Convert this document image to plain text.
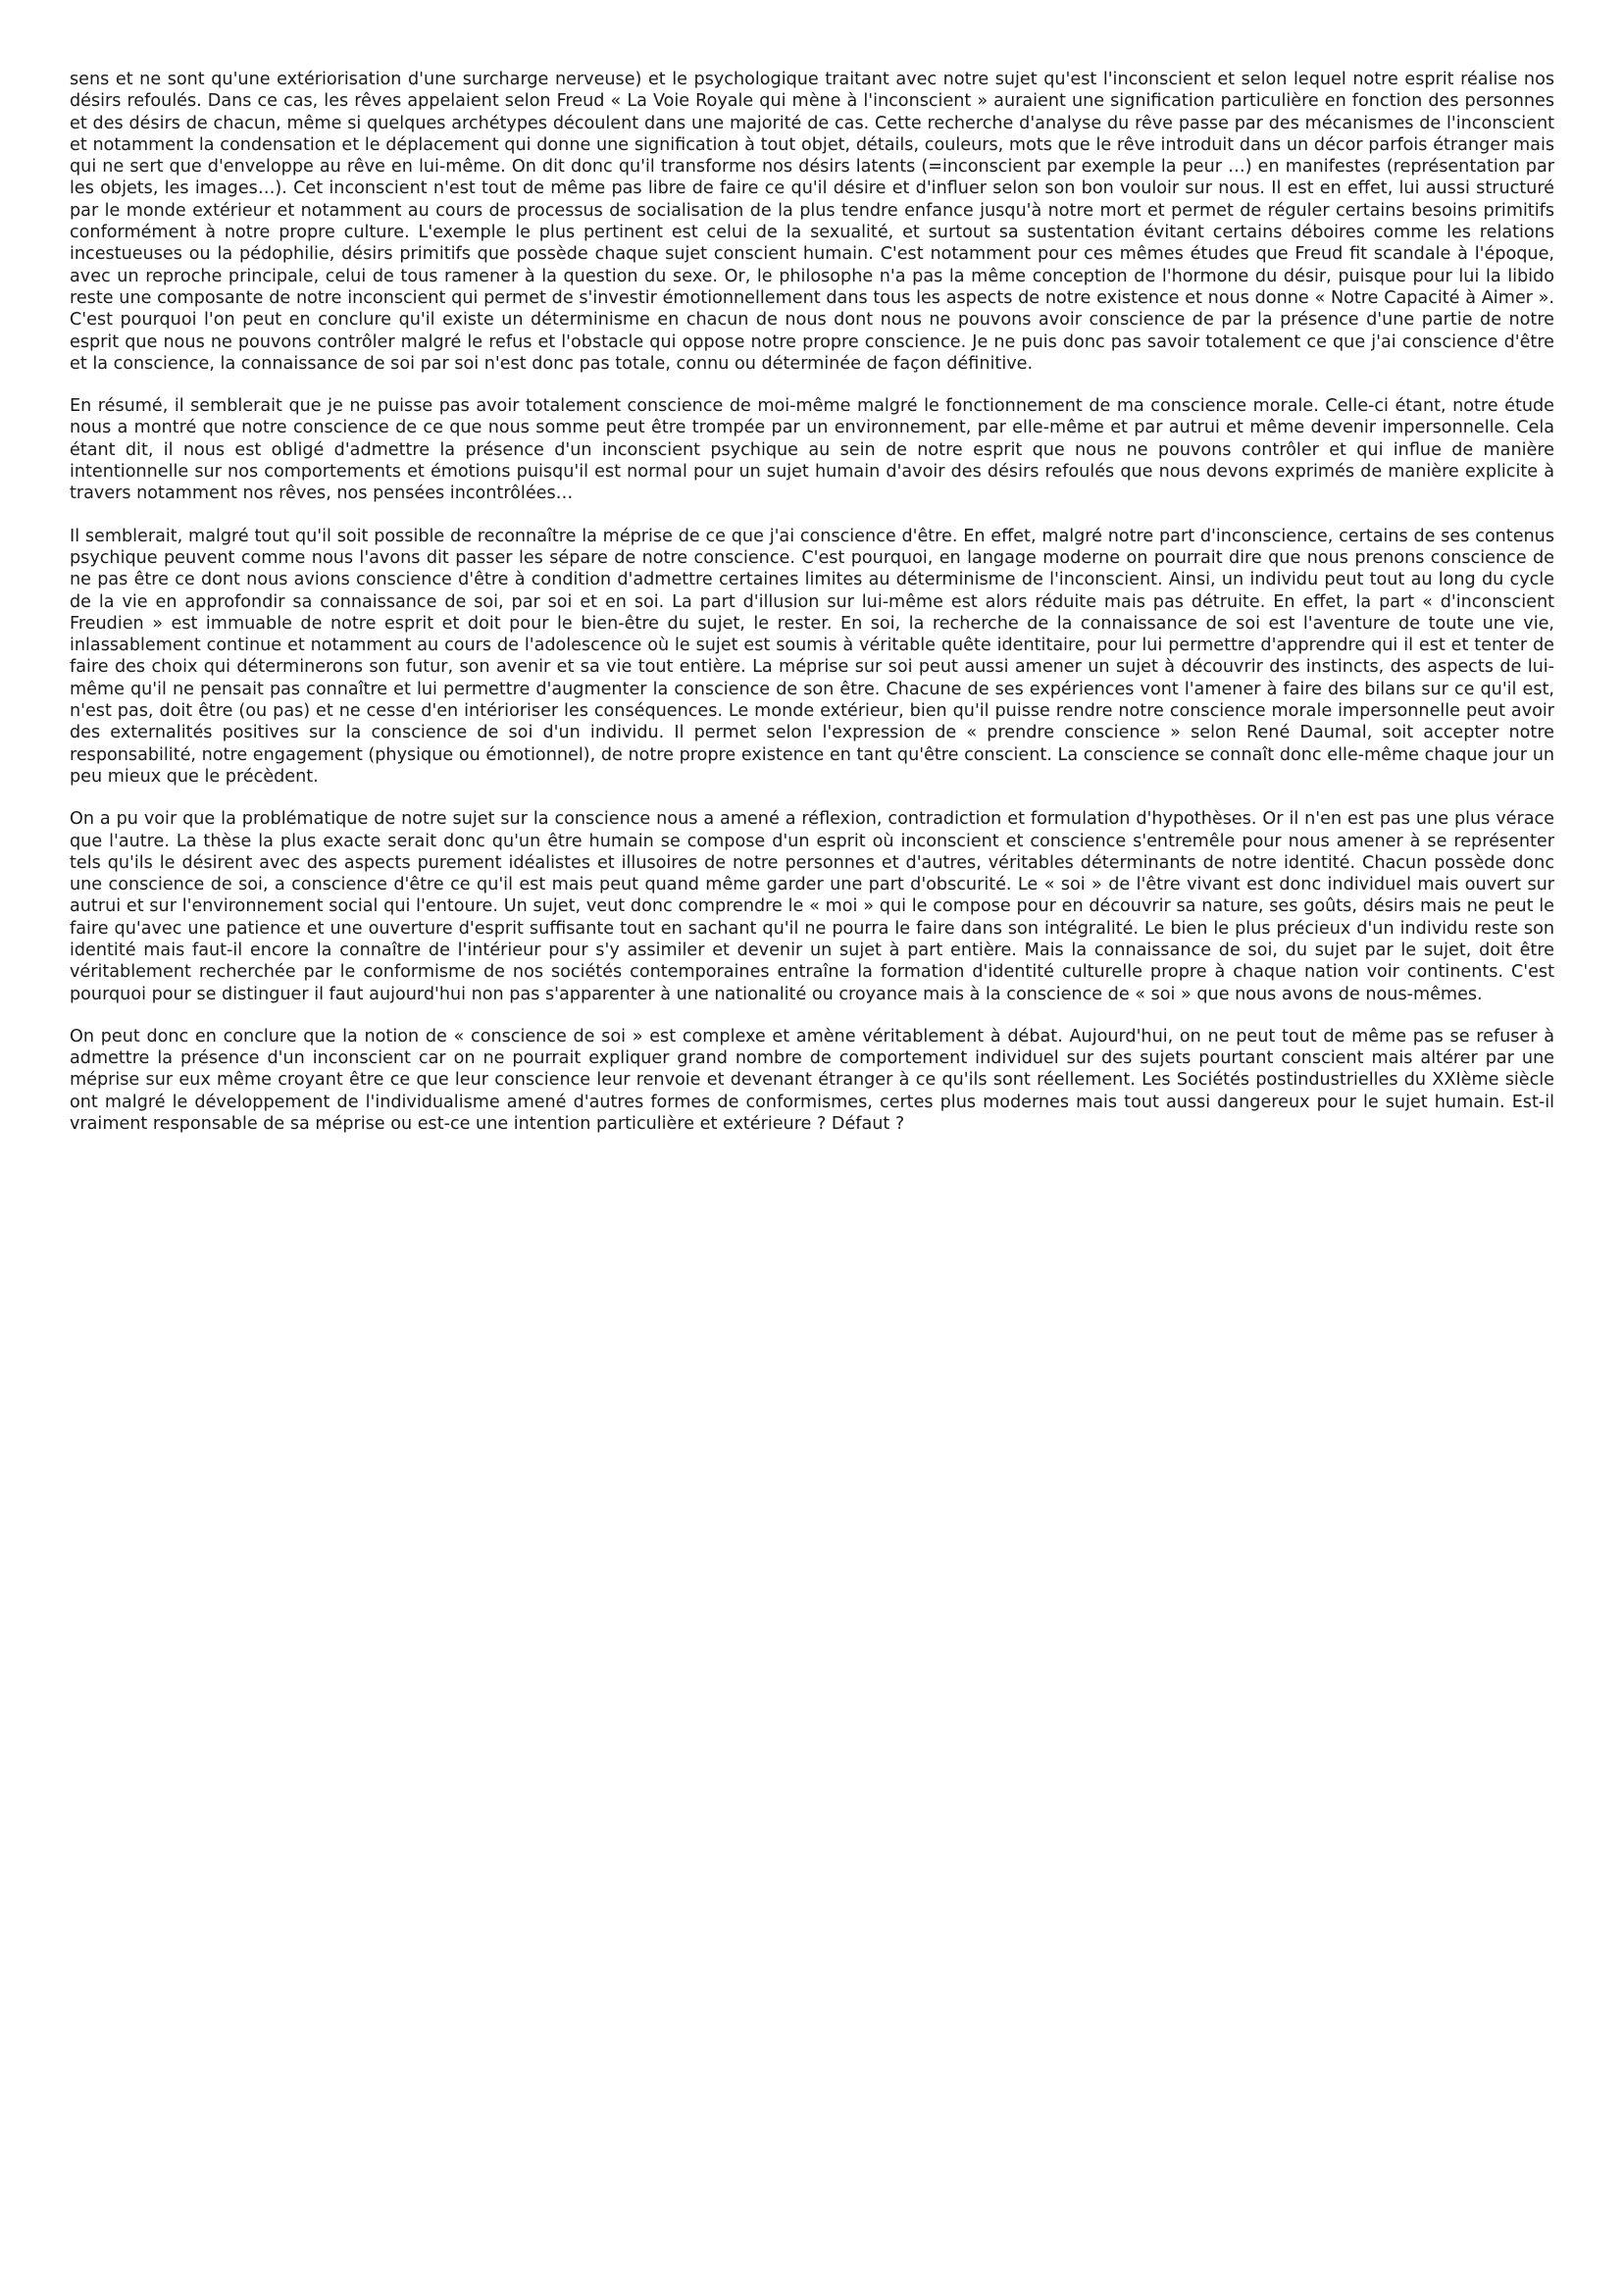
sens et ne sont qu'une extériorisation d'une surcharge nerveuse) et le psychologique traitant avec notre sujet qu'est l'inconscient et selon lequel notre esprit réalise nos désirs refoulés. Dans ce cas, les rêves appelaient selon Freud « La Voie Royale qui mène à l'inconscient » auraient une signification particulière en fonction des personnes et des désirs de chacun, même si quelques archétypes découlent dans une majorité de cas. Cette recherche d'analyse du rêve passe par des mécanismes de l'inconscient et notamment la condensation et le déplacement qui donne une signification à tout objet, détails, couleurs, mots que le rêve introduit dans un décor parfois étranger mais qui ne sert que d'enveloppe au rêve en lui-même. On dit donc qu'il transforme nos désirs latents (=inconscient par exemple la peur …) en manifestes (représentation par les objets, les images…). Cet inconscient n'est tout de même pas libre de faire ce qu'il désire et d'influer selon son bon vouloir sur nous. Il est en effet, lui aussi structuré par le monde extérieur et notamment au cours de processus de socialisation de la plus tendre enfance jusqu'à notre mort et permet de réguler certains besoins primitifs conformément à notre propre culture. L'exemple le plus pertinent est celui de la sexualité, et surtout sa sustentation évitant certains déboires comme les relations incestueuses ou la pédophilie, désirs primitifs que possède chaque sujet conscient humain. C'est notamment pour ces mêmes études que Freud fit scandale à l'époque, avec un reproche principale, celui de tous ramener à la question du sexe. Or, le philosophe n'a pas la même conception de l'hormone du désir, puisque pour lui la libido reste une composante de notre inconscient qui permet de s'investir émotionnellement dans tous les aspects de notre existence et nous donne « Notre Capacité à Aimer ». C'est pourquoi l'on peut en conclure qu'il existe un déterminisme en chacun de nous dont nous ne pouvons avoir conscience de par la présence d'une partie de notre esprit que nous ne pouvons contrôler malgré le refus et l'obstacle qui oppose notre propre conscience. Je ne puis donc pas savoir totalement ce que j'ai conscience d'être et la conscience, la connaissance de soi par soi n'est donc pas totale, connu ou déterminée de façon définitive.

En résumé, il semblerait que je ne puisse pas avoir totalement conscience de moi-même malgré le fonctionnement de ma conscience morale. Celle-ci étant, notre étude nous a montré que notre conscience de ce que nous somme peut être trompée par un environnement, par elle-même et par autrui et même devenir impersonnelle. Cela étant dit, il nous est obligé d'admettre la présence d'un inconscient psychique au sein de notre esprit que nous ne pouvons contrôler et qui influe de manière intentionnelle sur nos comportements et émotions puisqu'il est normal pour un sujet humain d'avoir des désirs refoulés que nous devons exprimés de manière explicite à travers notamment nos rêves, nos pensées incontrôlées…

Il semblerait, malgré tout qu'il soit possible de reconnaître la méprise de ce que j'ai conscience d'être. En effet, malgré notre part d'inconscience, certains de ses contenus psychique peuvent comme nous l'avons dit passer les sépare de notre conscience. C'est pourquoi, en langage moderne on pourrait dire que nous prenons conscience de ne pas être ce dont nous avions conscience d'être à condition d'admettre certaines limites au déterminisme de l'inconscient. Ainsi, un individu peut tout au long du cycle de la vie en approfondir sa connaissance de soi, par soi et en soi. La part d'illusion sur lui-même est alors réduite mais pas détruite. En effet, la part « d'inconscient Freudien » est immuable de notre esprit et doit pour le bien-être du sujet, le rester. En soi, la recherche de la connaissance de soi est l'aventure de toute une vie, inlassablement continue et notamment au cours de l'adolescence où le sujet est soumis à véritable quête identitaire, pour lui permettre d'apprendre qui il est et tenter de faire des choix qui déterminerons son futur, son avenir et sa vie tout entière. La méprise sur soi peut aussi amener un sujet à découvrir des instincts, des aspects de lui-même qu'il ne pensait pas connaître et lui permettre d'augmenter la conscience de son être. Chacune de ses expériences vont l'amener à faire des bilans sur ce qu'il est, n'est pas, doit être (ou pas) et ne cesse d'en intérioriser les conséquences. Le monde extérieur, bien qu'il puisse rendre notre conscience morale impersonnelle peut avoir des externalités positives sur la conscience de soi d'un individu. Il permet selon l'expression de « prendre conscience » selon René Daumal, soit accepter notre responsabilité, notre engagement (physique ou émotionnel), de notre propre existence en tant qu'être conscient. La conscience se connaît donc elle-même chaque jour un peu mieux que le précèdent.

On a pu voir que la problématique de notre sujet sur la conscience nous a amené a réflexion, contradiction et formulation d'hypothèses. Or il n'en est pas une plus vérace que l'autre. La thèse la plus exacte serait donc qu'un être humain se compose d'un esprit où inconscient et conscience s'entremêle pour nous amener à se représenter tels qu'ils le désirent avec des aspects purement idéalistes et illusoires de notre personnes et d'autres, véritables déterminants de notre identité. Chacun possède donc une conscience de soi, a conscience d'être ce qu'il est mais peut quand même garder une part d'obscurité. Le « soi » de l'être vivant est donc individuel mais ouvert sur autrui et sur l'environnement social qui l'entoure. Un sujet, veut donc comprendre le « moi » qui le compose pour en découvrir sa nature, ses goûts, désirs mais ne peut le faire qu'avec une patience et une ouverture d'esprit suffisante tout en sachant qu'il ne pourra le faire dans son intégralité. Le bien le plus précieux d'un individu reste son identité mais faut-il encore la connaître de l'intérieur pour s'y assimiler et devenir un sujet à part entière. Mais la connaissance de soi, du sujet par le sujet, doit être véritablement recherchée par le conformisme de nos sociétés contemporaines entraîne la formation d'identité culturelle propre à chaque nation voir continents. C'est pourquoi pour se distinguer il faut aujourd'hui non pas s'apparenter à une nationalité ou croyance mais à la conscience de « soi » que nous avons de nous-mêmes.

On peut donc en conclure que la notion de « conscience de soi » est complexe et amène véritablement à débat. Aujourd'hui, on ne peut tout de même pas se refuser à admettre la présence d'un inconscient car on ne pourrait expliquer grand nombre de comportement individuel sur des sujets pourtant conscient mais altérer par une méprise sur eux même croyant être ce que leur conscience leur renvoie et devenant étranger à ce qu'ils sont réellement. Les Sociétés postindustrielles du XXIème siècle ont malgré le développement de l'individualisme amené d'autres formes de conformismes, certes plus modernes mais tout aussi dangereux pour le sujet humain. Est-il vraiment responsable de sa méprise ou est-ce une intention particulière et extérieure ? Défaut ?
